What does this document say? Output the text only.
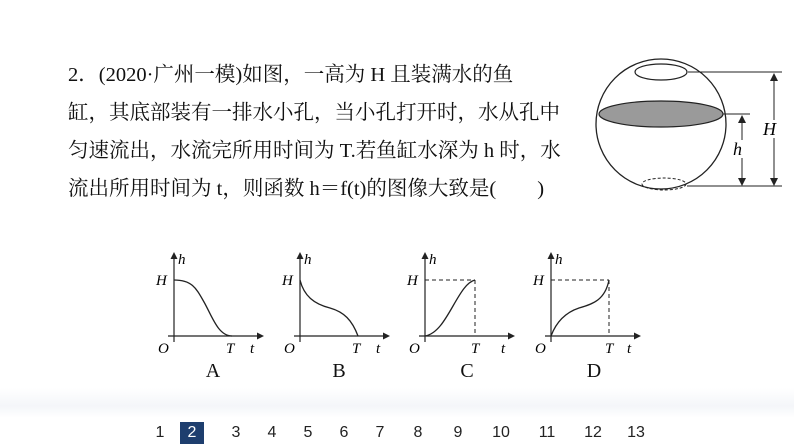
2．(2020·广州一模)如图，一高为 H 且装满水的鱼
缸，其底部装有一排水小孔，当小孔打开时，水从孔中
匀速流出，水流完所用时间为 T.若鱼缸水深为 h 时，水
流出所用时间为 t，则函数 h＝f(t)的图像大致是(　　)
h
H
h
H
O	T t
A
h
H
O	T t
B
h
H
O	T t
C
h
H
O	T t
D
1	2	3	4	5	6	7	8	9	10	11	12	13
